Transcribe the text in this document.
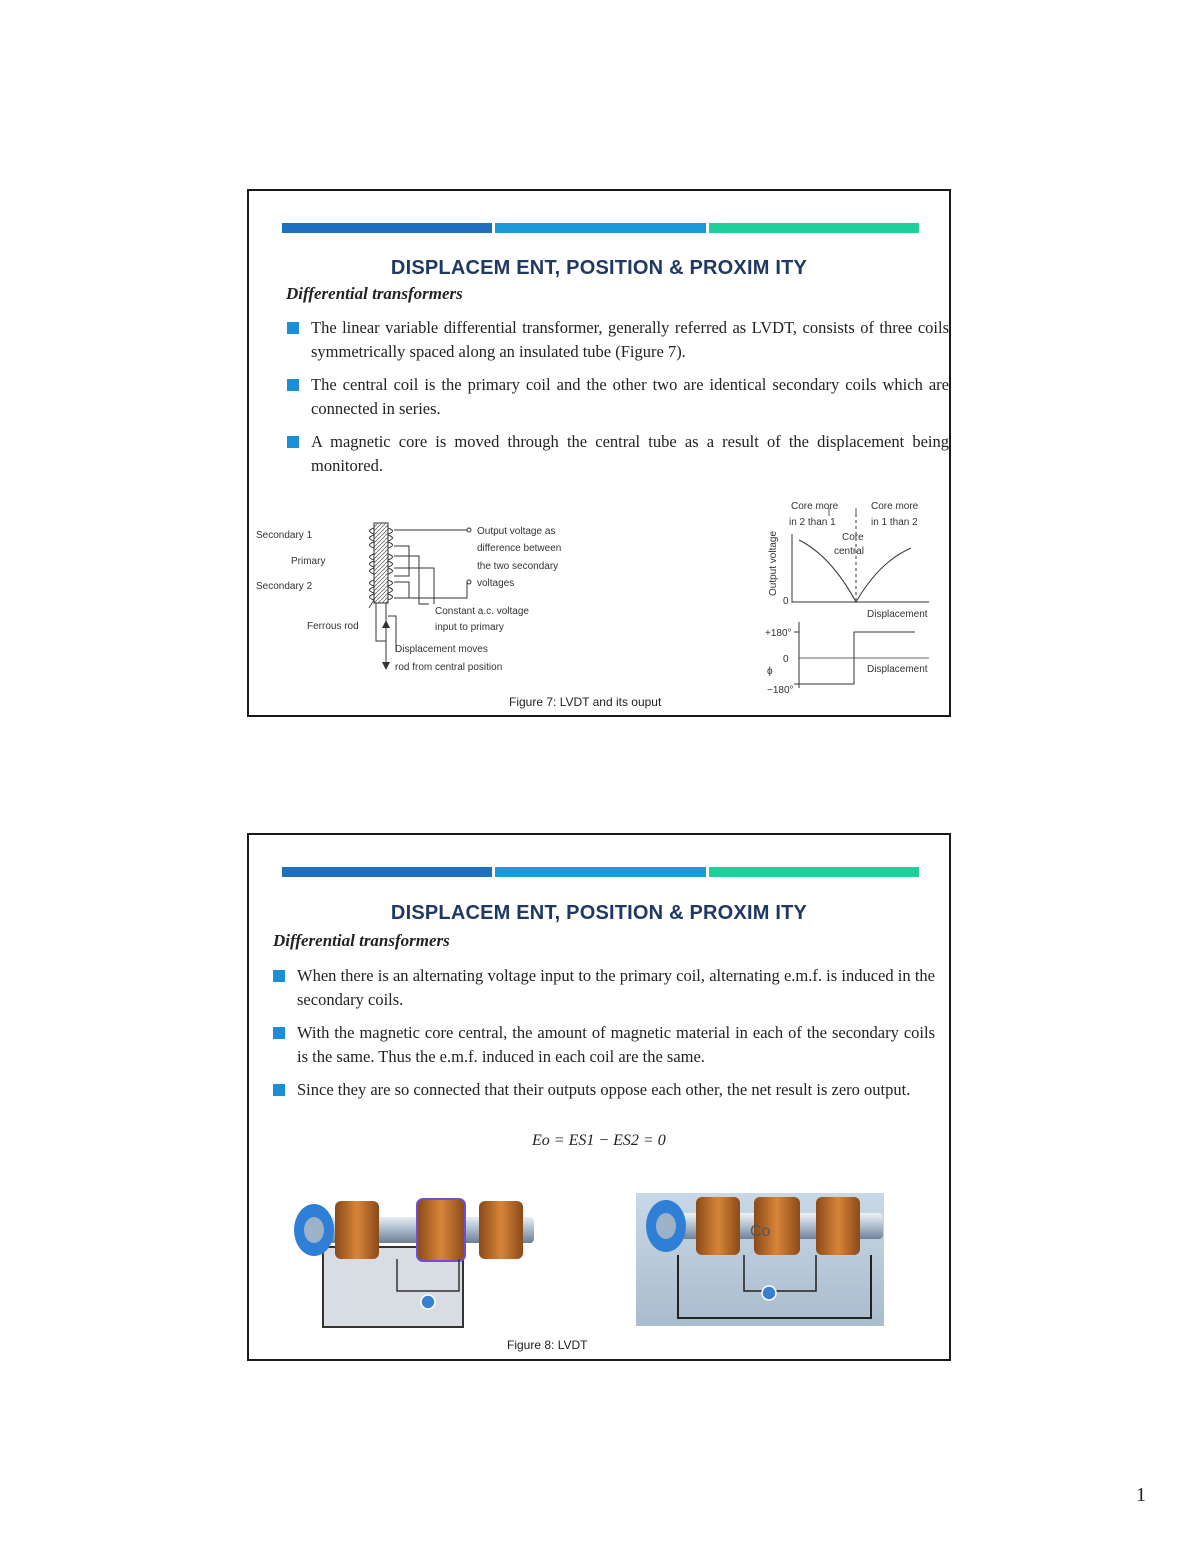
DISPLACEM ENT, POSITION & PROXIM ITY
Differential transformers
The linear variable differential transformer, generally referred as LVDT, consists of three coils symmetrically spaced along an insulated tube (Figure 7).
The central coil is the primary coil and the other two are identical secondary coils which are connected in series.
A magnetic core is moved through the central tube as a result of the displacement being monitored.
Secondary 1
Primary
Secondary 2
Ferrous rod
Output voltage as
difference between
the two secondary
voltages
Constant a.c. voltage
input to primary
Displacement moves
rod from central position
Core more
in 2 than 1
Core more
in 1 than 2
Core
central
Output voltage
0
Displacement
+180°
0
ϕ
−180°
Displacement
Figure 7: LVDT and its ouput
DISPLACEM ENT, POSITION & PROXIM ITY
Differential transformers
When there is an alternating voltage input to the primary coil, alternating e.m.f. is induced in the secondary coils.
With the magnetic core central, the amount of magnetic material in each of the secondary coils is the same. Thus the e.m.f. induced in each coil are the same.
Since they are so connected that their outputs oppose each other, the net result is zero output.
Eo = ES1 − ES2 = 0
Co
Figure 8: LVDT
1
